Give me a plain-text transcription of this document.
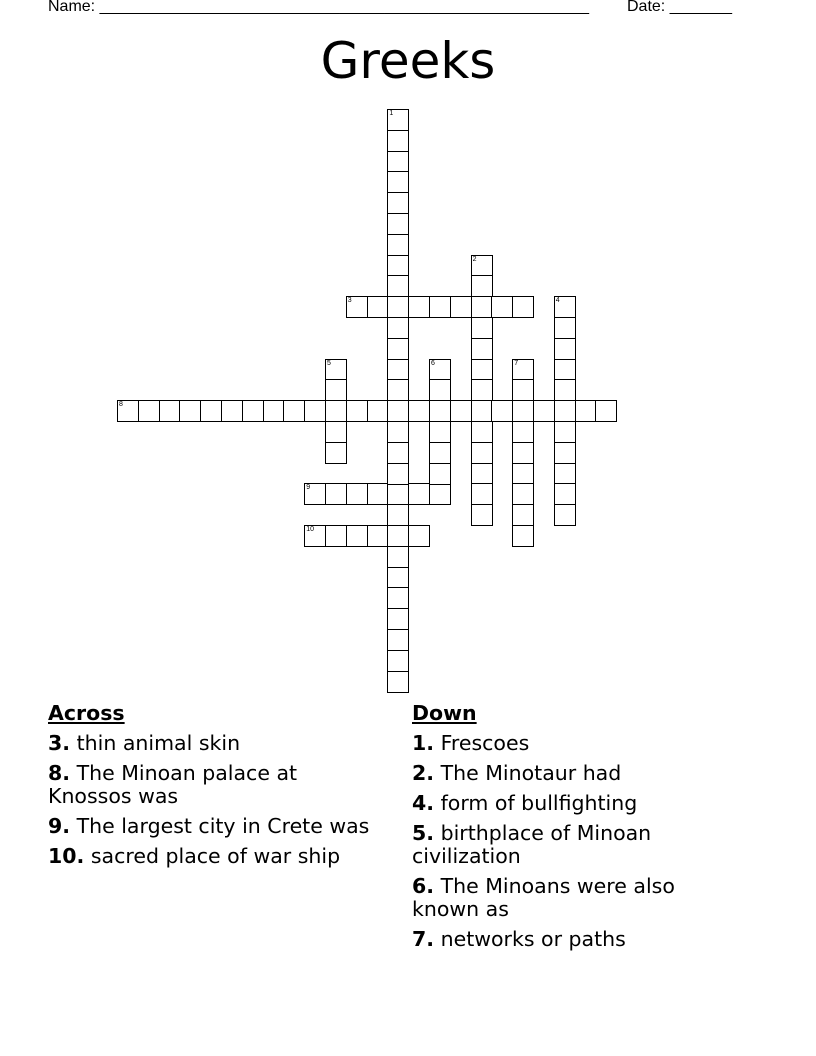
Name: _______________________________________________________ Date: _______
Greeks
3
8
9
10
1
2
4
5	6	7
Across
3. thin animal skin
8. The Minoan palace at Knossos was
9. The largest city in Crete was
10. sacred place of war ship
Down
1. Frescoes
2. The Minotaur had
4. form of bullfighting
5. birthplace of Minoan civilization
6. The Minoans were also known as
7. networks or paths
